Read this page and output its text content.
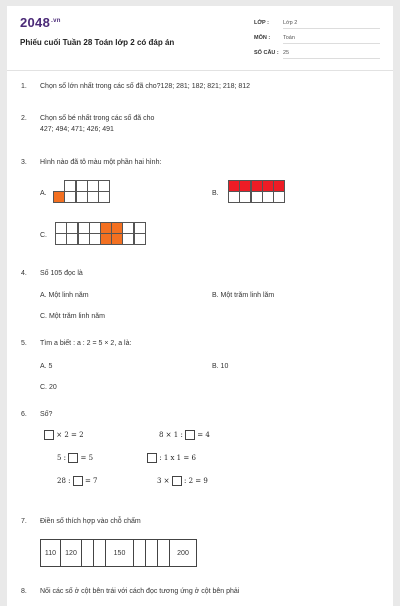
$2048^{.vn}$
Phiếu cuối Tuần 28 Toán lớp 2 có đáp án
LỚP :	Lớp 2
MÔN : Toán
SỐ CÂU : 25
1. Chọn số lớn nhất trong các số đã cho?128; 281; 182; 821; 218; 812
2. Chọn số bé nhất trong các số đã cho
427; 494; 471; 426; 491
3. Hình nào đã tô màu một phần hai hình:
A.	B.
C.
4. Số 105 đọc là
A. Một linh năm	B. Một trăm linh lăm
C. Một trăm linh năm
5. Tìm a biết : a : 2 = 5 × 2, a là:
A. 5	B. 10
C. 20
6. Số?
× 2 = 2	8 × 1 : = 4
5 : = 5	: 1 x 1 = 6
28 : = 7	3 × : 2 = 9
7. Điền số thích hợp vào chỗ chấm
110	120	150	200
8. Nối các số ở cột bên trái với cách đọc tương ứng ở cột bên phải
